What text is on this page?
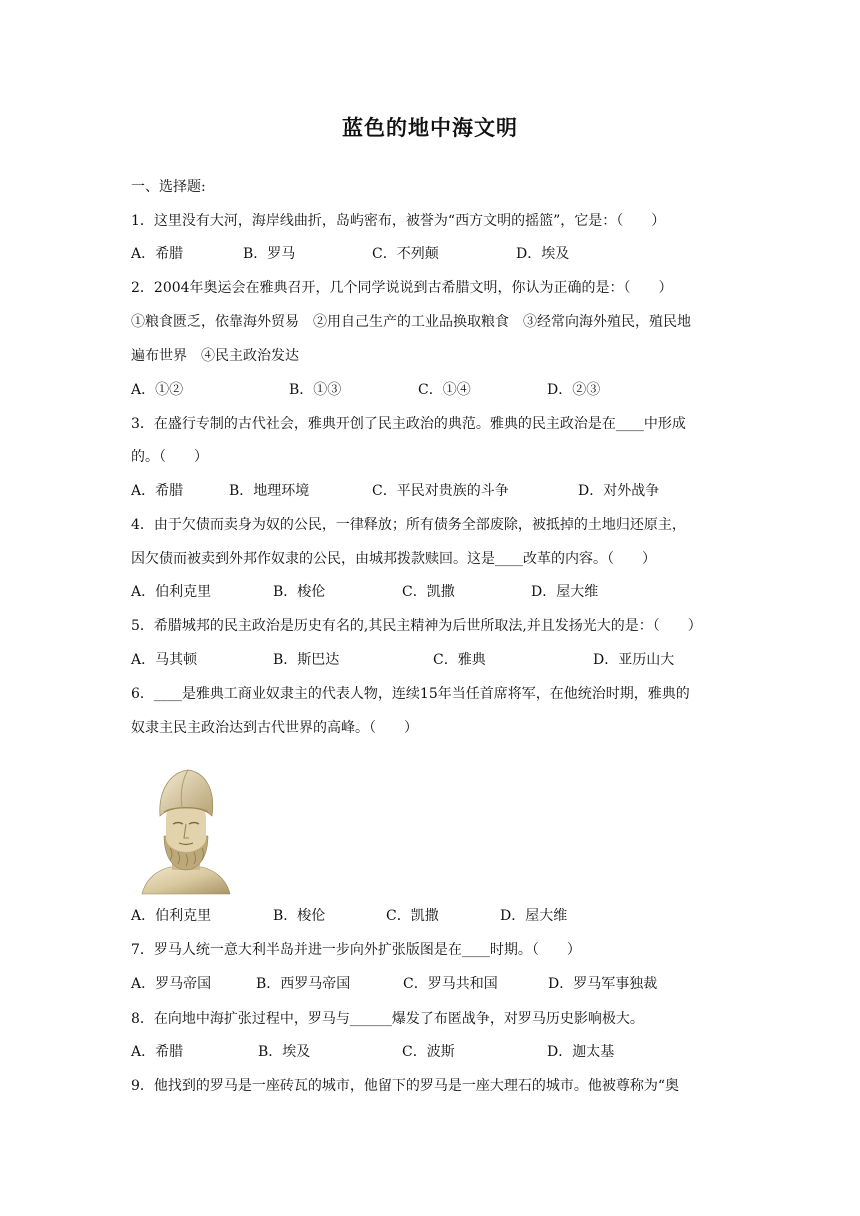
蓝色的地中海文明
一、选择题:
1．这里没有大河，海岸线曲折，岛屿密布，被誉为“西方文明的摇篮”，它是：（　　）
A．希腊	B．罗马	C．不列颠	D．埃及
2．2004年奥运会在雅典召开，几个同学说说到古希腊文明，你认为正确的是：（　　）
①粮食匮乏，依靠海外贸易　②用自己生产的工业品换取粮食　③经常向海外殖民，殖民地
遍布世界　④民主政治发达
A．①②	B．①③	C．①④	D．②③
3．在盛行专制的古代社会，雅典开创了民主政治的典范。雅典的民主政治是在____中形成
的。（　　）
A．希腊	B．地理环境	C．平民对贵族的斗争	D．对外战争
4．由于欠债而卖身为奴的公民，一律释放；所有债务全部废除，被抵掉的土地归还原主，
因欠债而被卖到外邦作奴隶的公民，由城邦拨款赎回。这是____改革的内容。（　　）
A．伯利克里	B．梭伦	C．凯撒	D．屋大维
5．希腊城邦的民主政治是历史有名的,其民主精神为后世所取法,并且发扬光大的是：（　　）
A．马其顿	B．斯巴达	C．雅典	D．亚历山大
6．____是雅典工商业奴隶主的代表人物，连续15年当任首席将军，在他统治时期，雅典的
奴隶主民主政治达到古代世界的高峰。（　　）
A．伯利克里	B．梭伦	C．凯撒	D．屋大维
7．罗马人统一意大利半岛并进一步向外扩张版图是在____时期。（　　）
A．罗马帝国	B．西罗马帝国	C．罗马共和国	D．罗马军事独裁
8．在向地中海扩张过程中，罗马与______爆发了布匿战争，对罗马历史影响极大。
A．希腊	B．埃及	C．波斯	D．迦太基
9．他找到的罗马是一座砖瓦的城市，他留下的罗马是一座大理石的城市。他被尊称为“奥
